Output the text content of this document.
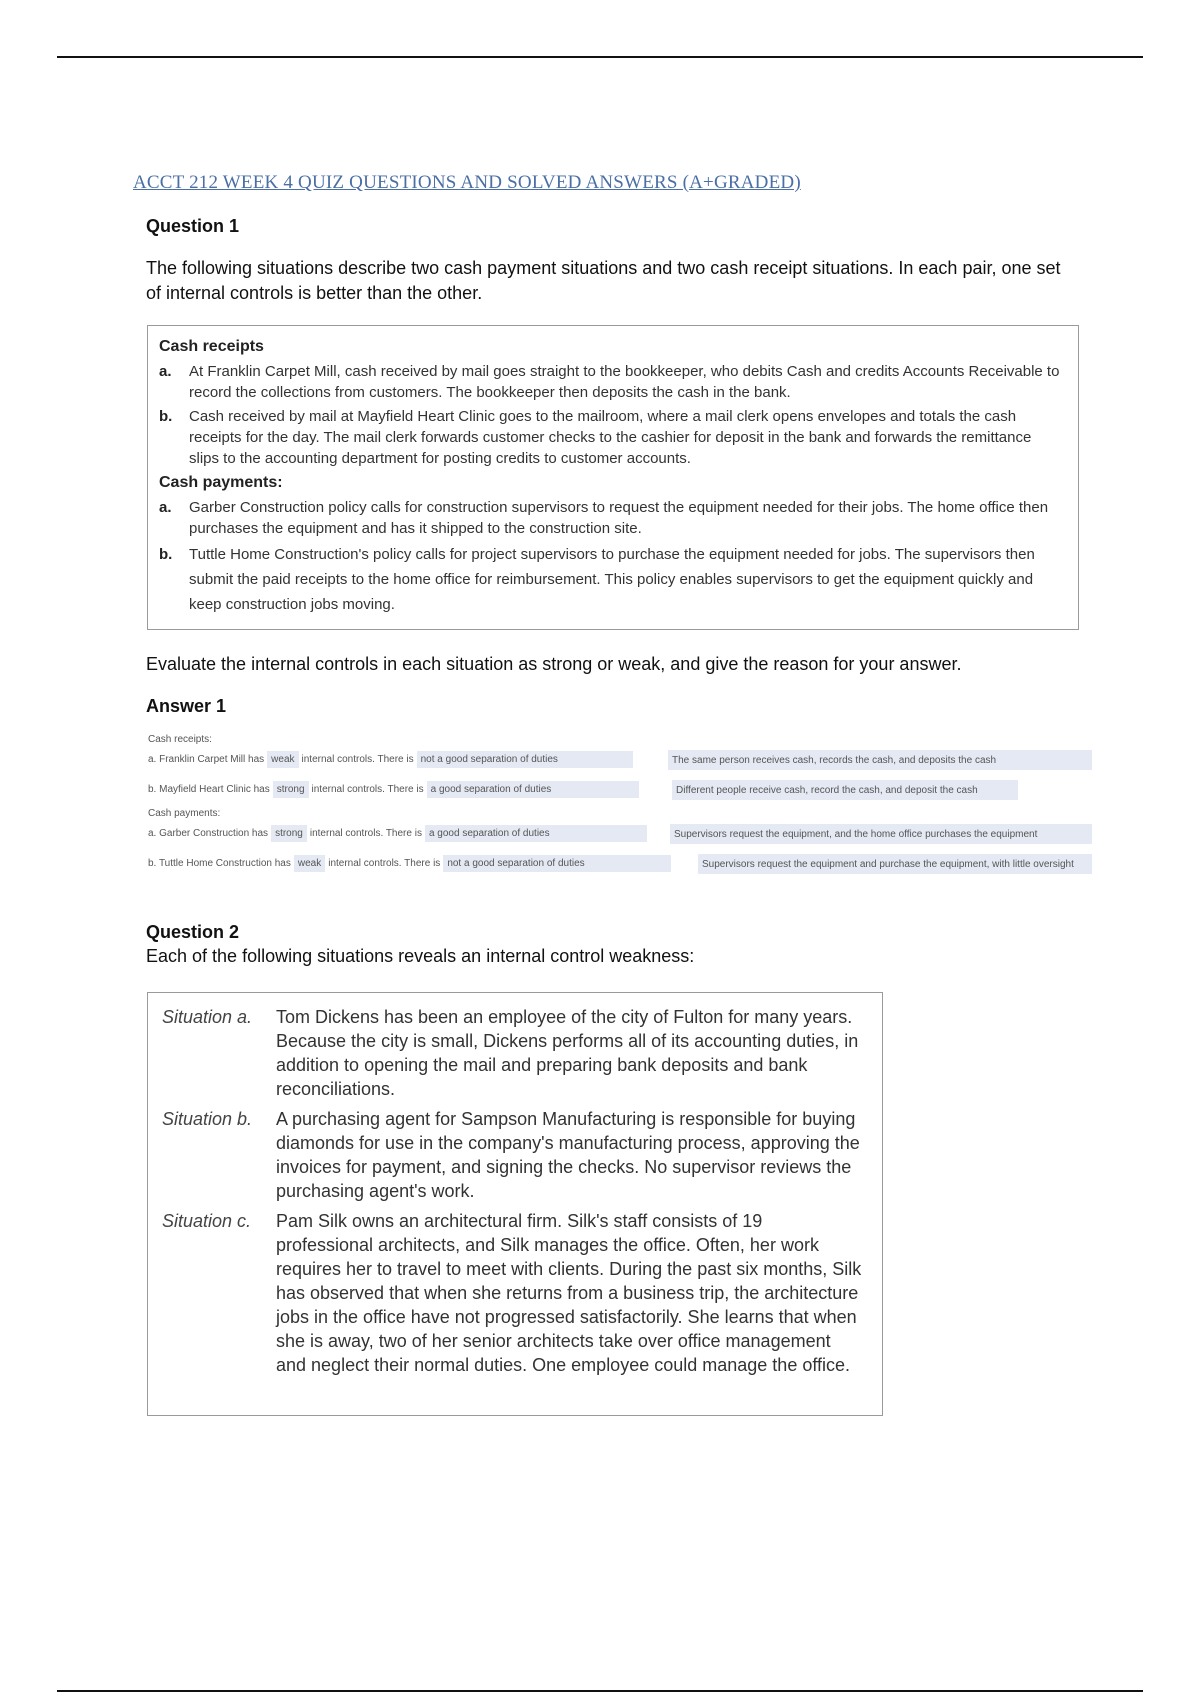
ACCT 212 WEEK 4 QUIZ QUESTIONS AND SOLVED ANSWERS (A+GRADED)
Question 1
The following situations describe two cash payment situations and two cash receipt situations. In each pair, one set of internal controls is better than the other.
Cash receipts
a.	At Franklin Carpet Mill, cash received by mail goes straight to the bookkeeper, who debits Cash and credits Accounts Receivable to record the collections from customers. The bookkeeper then deposits the cash in the bank.
b.	Cash received by mail at Mayfield Heart Clinic goes to the mailroom, where a mail clerk opens envelopes and totals the cash receipts for the day. The mail clerk forwards customer checks to the cashier for deposit in the bank and forwards the remittance slips to the accounting department for posting credits to customer accounts.
Cash payments:
a.	Garber Construction policy calls for construction supervisors to request the equipment needed for their jobs. The home office then purchases the equipment and has it shipped to the construction site.
b.	Tuttle Home Construction's policy calls for project supervisors to purchase the equipment needed for jobs. The supervisors then submit the paid receipts to the home office for reimbursement. This policy enables supervisors to get the equipment quickly and keep construction jobs moving.
Evaluate the internal controls in each situation as strong or weak, and give the reason for your answer.
Answer 1
Cash receipts:
a. Franklin Carpet Mill has weak internal controls. There is not a good separation of duties	The same person receives cash, records the cash, and deposits the cash
b. Mayfield Heart Clinic has strong internal controls. There is a good separation of duties	Different people receive cash, record the cash, and deposit the cash
Cash payments:
a. Garber Construction has strong internal controls. There is a good separation of duties	Supervisors request the equipment, and the home office purchases the equipment
b. Tuttle Home Construction has weak internal controls. There is not a good separation of duties	Supervisors request the equipment and purchase the equipment, with little oversight
Question 2
Each of the following situations reveals an internal control weakness:
Situation a.	Tom Dickens has been an employee of the city of Fulton for many years. Because the city is small, Dickens performs all of its accounting duties, in addition to opening the mail and preparing bank deposits and bank reconciliations.
Situation b.	A purchasing agent for Sampson Manufacturing is responsible for buying diamonds for use in the company's manufacturing process, approving the invoices for payment, and signing the checks. No supervisor reviews the purchasing agent's work.
Situation c.	Pam Silk owns an architectural firm. Silk's staff consists of 19 professional architects, and Silk manages the office. Often, her work requires her to travel to meet with clients. During the past six months, Silk has observed that when she returns from a business trip, the architecture jobs in the office have not progressed satisfactorily. She learns that when she is away, two of her senior architects take over office management and neglect their normal duties. One employee could manage the office.
